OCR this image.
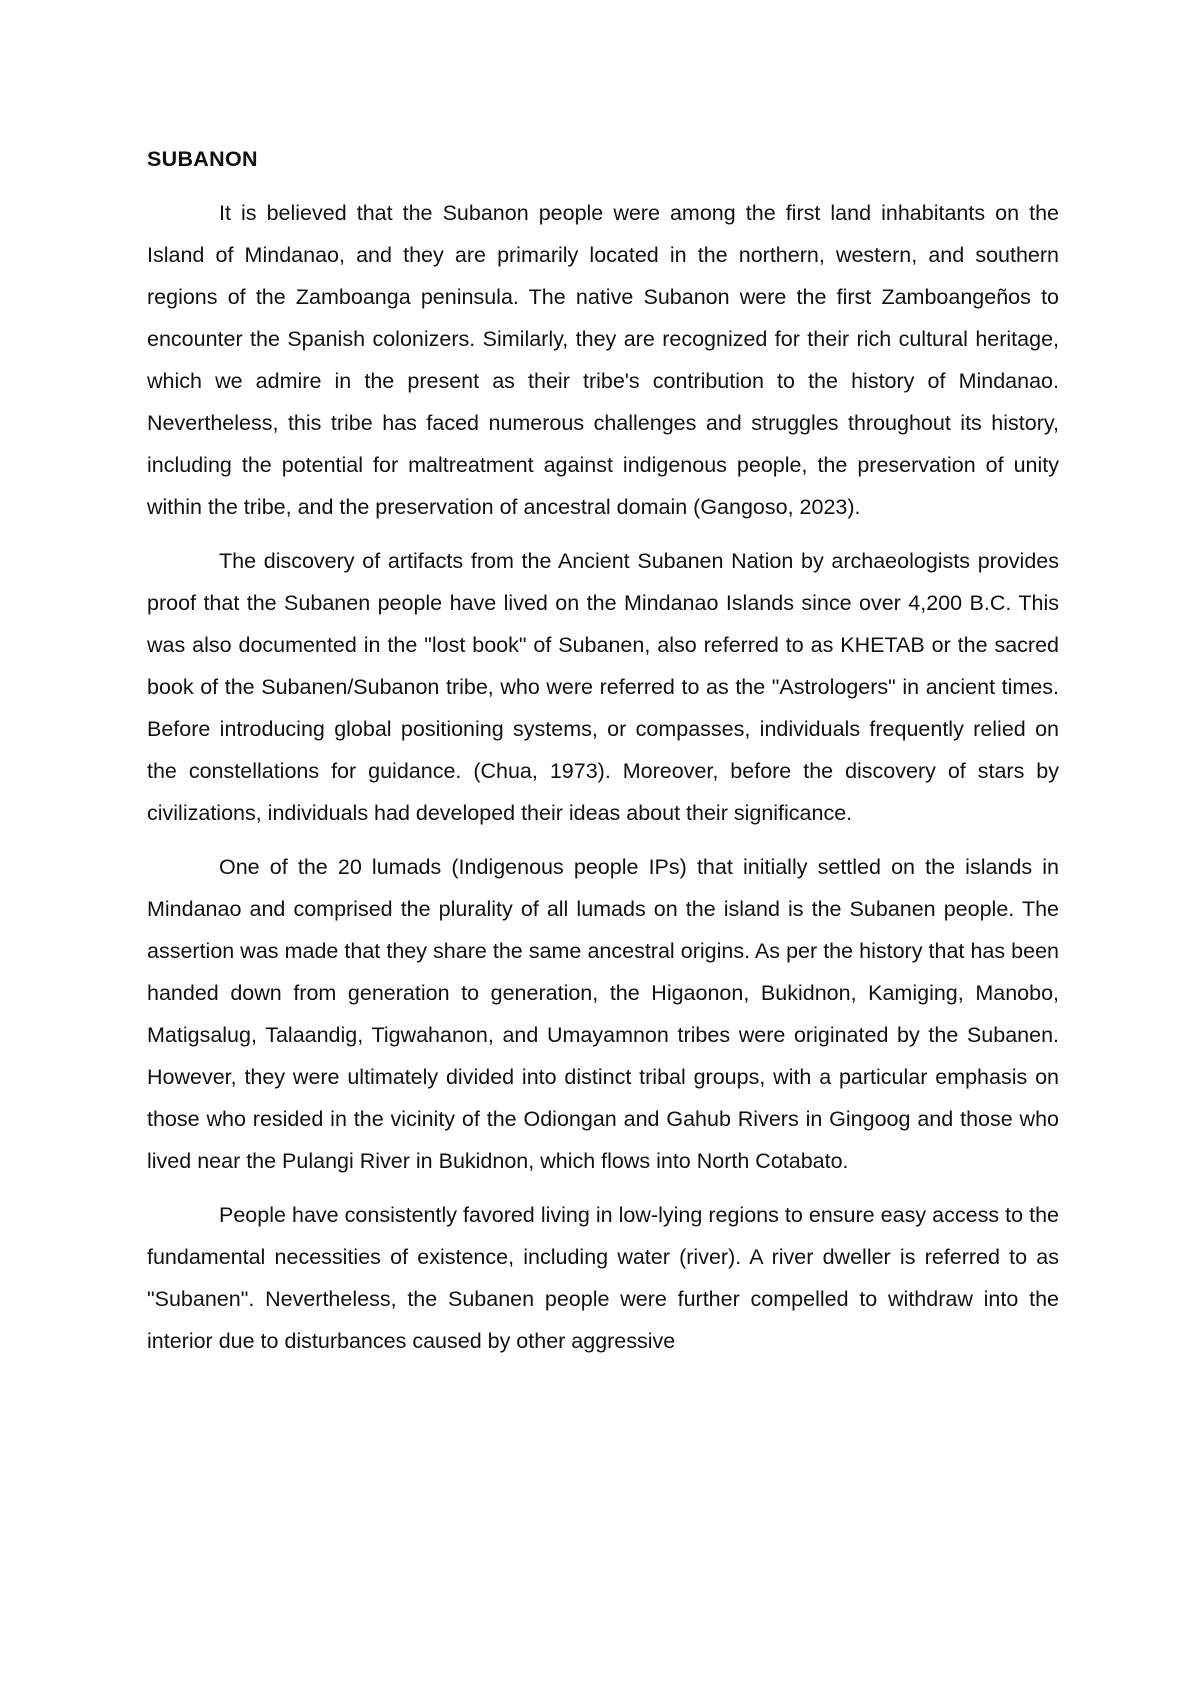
SUBANON

It is believed that the Subanon people were among the first land inhabitants on the Island of Mindanao, and they are primarily located in the northern, western, and southern regions of the Zamboanga peninsula. The native Subanon were the first Zamboangeños to encounter the Spanish colonizers. Similarly, they are recognized for their rich cultural heritage, which we admire in the present as their tribe's contribution to the history of Mindanao. Nevertheless, this tribe has faced numerous challenges and struggles throughout its history, including the potential for maltreatment against indigenous people, the preservation of unity within the tribe, and the preservation of ancestral domain (Gangoso, 2023).

The discovery of artifacts from the Ancient Subanen Nation by archaeologists provides proof that the Subanen people have lived on the Mindanao Islands since over 4,200 B.C. This was also documented in the "lost book" of Subanen, also referred to as KHETAB or the sacred book of the Subanen/Subanon tribe, who were referred to as the "Astrologers" in ancient times. Before introducing global positioning systems, or compasses, individuals frequently relied on the constellations for guidance. (Chua, 1973). Moreover, before the discovery of stars by civilizations, individuals had developed their ideas about their significance.

One of the 20 lumads (Indigenous people IPs) that initially settled on the islands in Mindanao and comprised the plurality of all lumads on the island is the Subanen people. The assertion was made that they share the same ancestral origins. As per the history that has been handed down from generation to generation, the Higaonon, Bukidnon, Kamiging, Manobo, Matigsalug, Talaandig, Tigwahanon, and Umayamnon tribes were originated by the Subanen. However, they were ultimately divided into distinct tribal groups, with a particular emphasis on those who resided in the vicinity of the Odiongan and Gahub Rivers in Gingoog and those who lived near the Pulangi River in Bukidnon, which flows into North Cotabato.

People have consistently favored living in low-lying regions to ensure easy access to the fundamental necessities of existence, including water (river). A river dweller is referred to as "Subanen". Nevertheless, the Subanen people were further compelled to withdraw into the interior due to disturbances caused by other aggressive
